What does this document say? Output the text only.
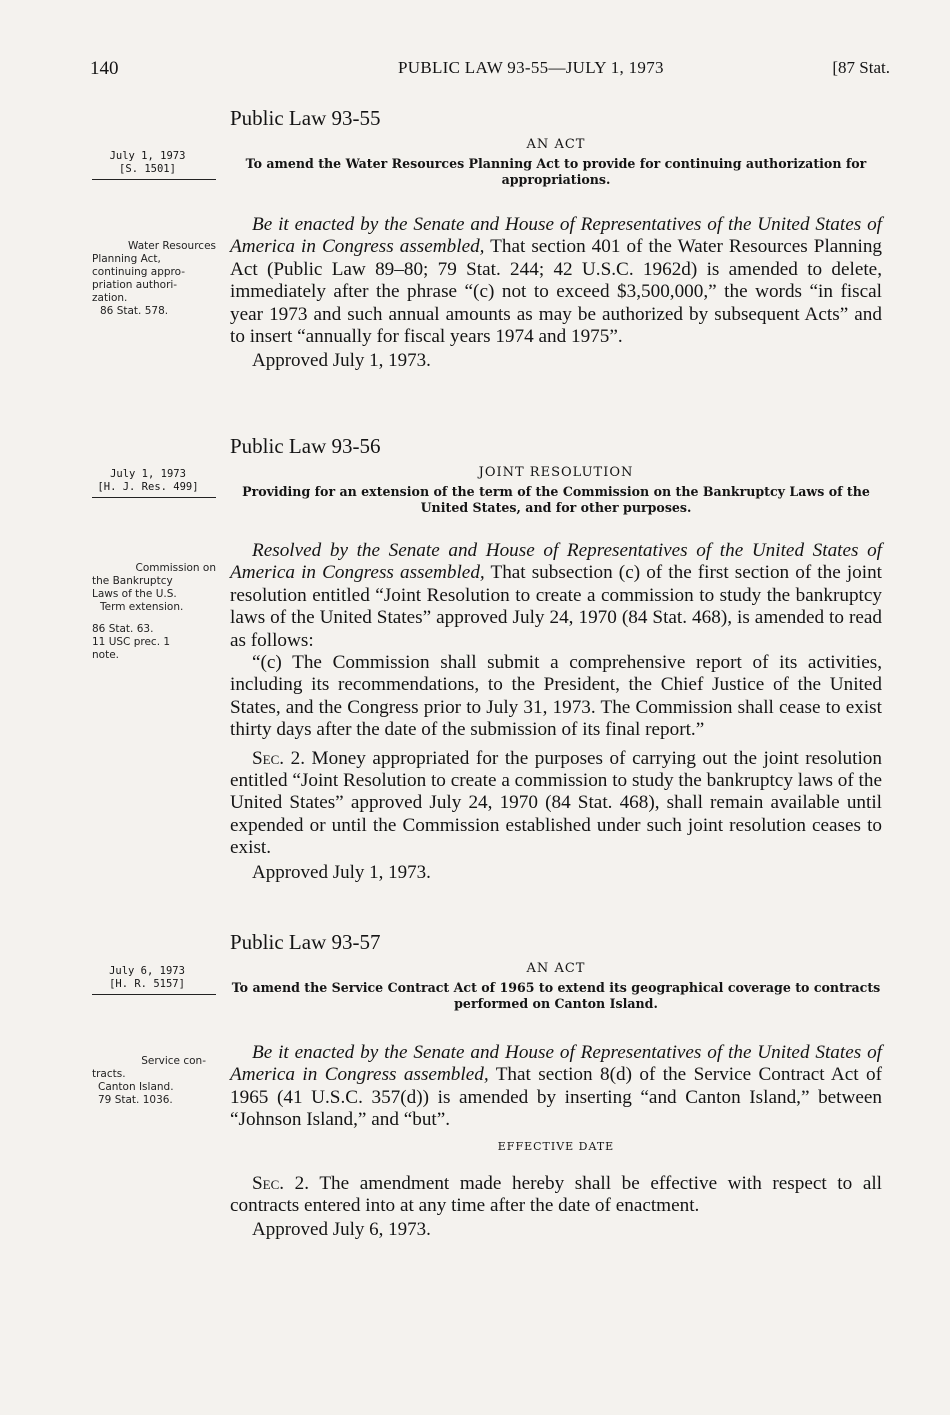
140	PUBLIC LAW 93-55—JULY 1, 1973	[87 Stat.
July 1, 1973
[S. 1501]
Water Resources
Planning Act,
continuing appro-
priation authori-
zation.
86 Stat. 578.
Public Law 93-55
AN ACT

To amend the Water Resources Planning Act to provide for continuing authorization for appropriations.

Be it enacted by the Senate and House of Representatives of the United States of America in Congress assembled, That section 401 of the Water Resources Planning Act (Public Law 89–80; 79 Stat. 244; 42 U.S.C. 1962d) is amended to delete, immediately after the phrase “(c) not to exceed $3,500,000,” the words “in fiscal year 1973 and such annual amounts as may be authorized by subsequent Acts” and to insert “annually for fiscal years 1974 and 1975”.

Approved July 1, 1973.
July 1, 1973
[H. J. Res. 499]
Commission on
the Bankruptcy
Laws of the U.S.
Term extension.
86 Stat. 63.
11 USC prec. 1
note.
Public Law 93-56
JOINT RESOLUTION

Providing for an extension of the term of the Commission on the Bankruptcy Laws of the United States, and for other purposes.

Resolved by the Senate and House of Representatives of the United States of America in Congress assembled, That subsection (c) of the first section of the joint resolution entitled “Joint Resolution to create a commission to study the bankruptcy laws of the United States” approved July 24, 1970 (84 Stat. 468), is amended to read as follows:

“(c) The Commission shall submit a comprehensive report of its activities, including its recommendations, to the President, the Chief Justice of the United States, and the Congress prior to July 31, 1973. The Commission shall cease to exist thirty days after the date of the submission of its final report.”

Sec. 2. Money appropriated for the purposes of carrying out the joint resolution entitled “Joint Resolution to create a commission to study the bankruptcy laws of the United States” approved July 24, 1970 (84 Stat. 468), shall remain available until expended or until the Commission established under such joint resolution ceases to exist.

Approved July 1, 1973.
July 6, 1973
[H. R. 5157]
Service con-
tracts.
Canton Island.
79 Stat. 1036.
Public Law 93-57
AN ACT

To amend the Service Contract Act of 1965 to extend its geographical coverage to contracts performed on Canton Island.

Be it enacted by the Senate and House of Representatives of the United States of America in Congress assembled, That section 8(d) of the Service Contract Act of 1965 (41 U.S.C. 357(d)) is amended by inserting “and Canton Island,” between “Johnson Island,” and “but”.

EFFECTIVE DATE

Sec. 2. The amendment made hereby shall be effective with respect to all contracts entered into at any time after the date of enactment.

Approved July 6, 1973.
